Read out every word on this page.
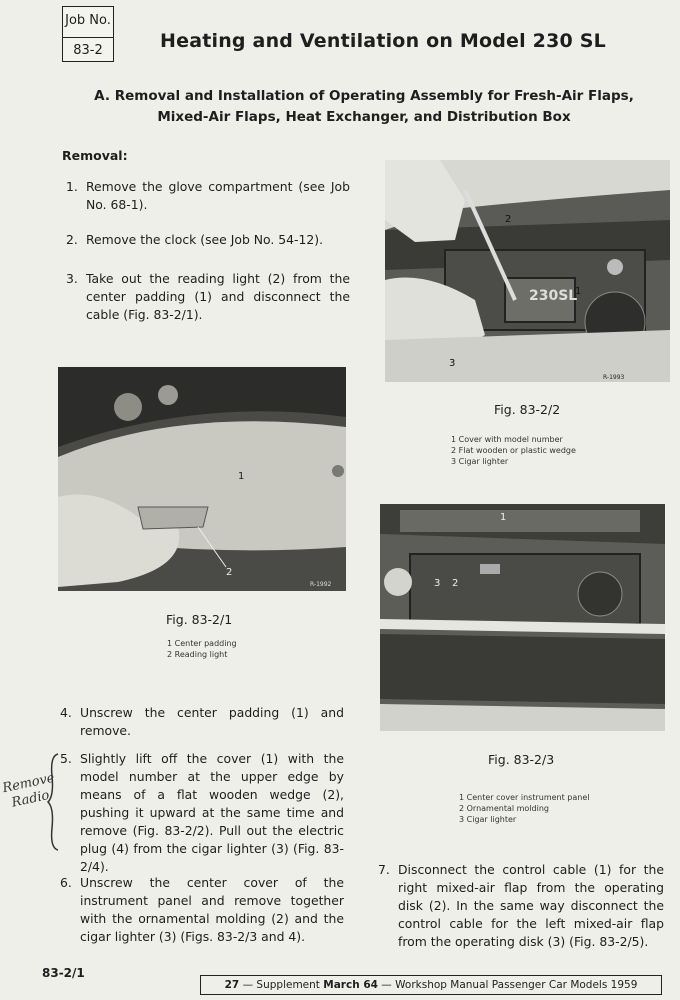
Job No.
83-2	Heating and Ventilation on Model 230 SL
A. Removal and Installation of Operating Assembly for Fresh-Air Flaps,
Mixed-Air Flaps, Heat Exchanger, and Distribution Box
Removal:
1. Remove the glove compartment (see Job No. 68-1).
2. Remove the clock (see Job No. 54-12).
3. Take out the reading light (2) from the center padding (1) and disconnect the cable (Fig. 83-2/1).
1
2
R-1992
Fig. 83-2/1
1 Center padding
2 Reading light
4. Unscrew the center padding (1) and remove.
5. Slightly lift off the cover (1) with the model number at the upper edge by means of a flat wooden wedge (2), pushing it upward at the same time and remove (Fig. 83-2/2). Pull out the electric plug (4) from the cigar lighter (3) (Fig. 83-2/4).
6. Unscrew the center cover of the instrument panel and remove together with the ornamental molding (2) and the cigar lighter (3) (Figs. 83-2/3 and 4).
Remove Radio
230SL
1
2
3
R-1993
Fig. 83-2/2
1 Cover with model number
2 Flat wooden or plastic wedge
3 Cigar lighter
1
2
3
Fig. 83-2/3
1 Center cover instrument panel
2 Ornamental molding
3 Cigar lighter
7. Disconnect the control cable (1) for the right mixed-air flap from the operating disk (2). In the same way disconnect the control cable for the left mixed-air flap from the operating disk (3) (Fig. 83-2/5).
83-2/1
27 — Supplement March 64 — Workshop Manual Passenger Car Models 1959
